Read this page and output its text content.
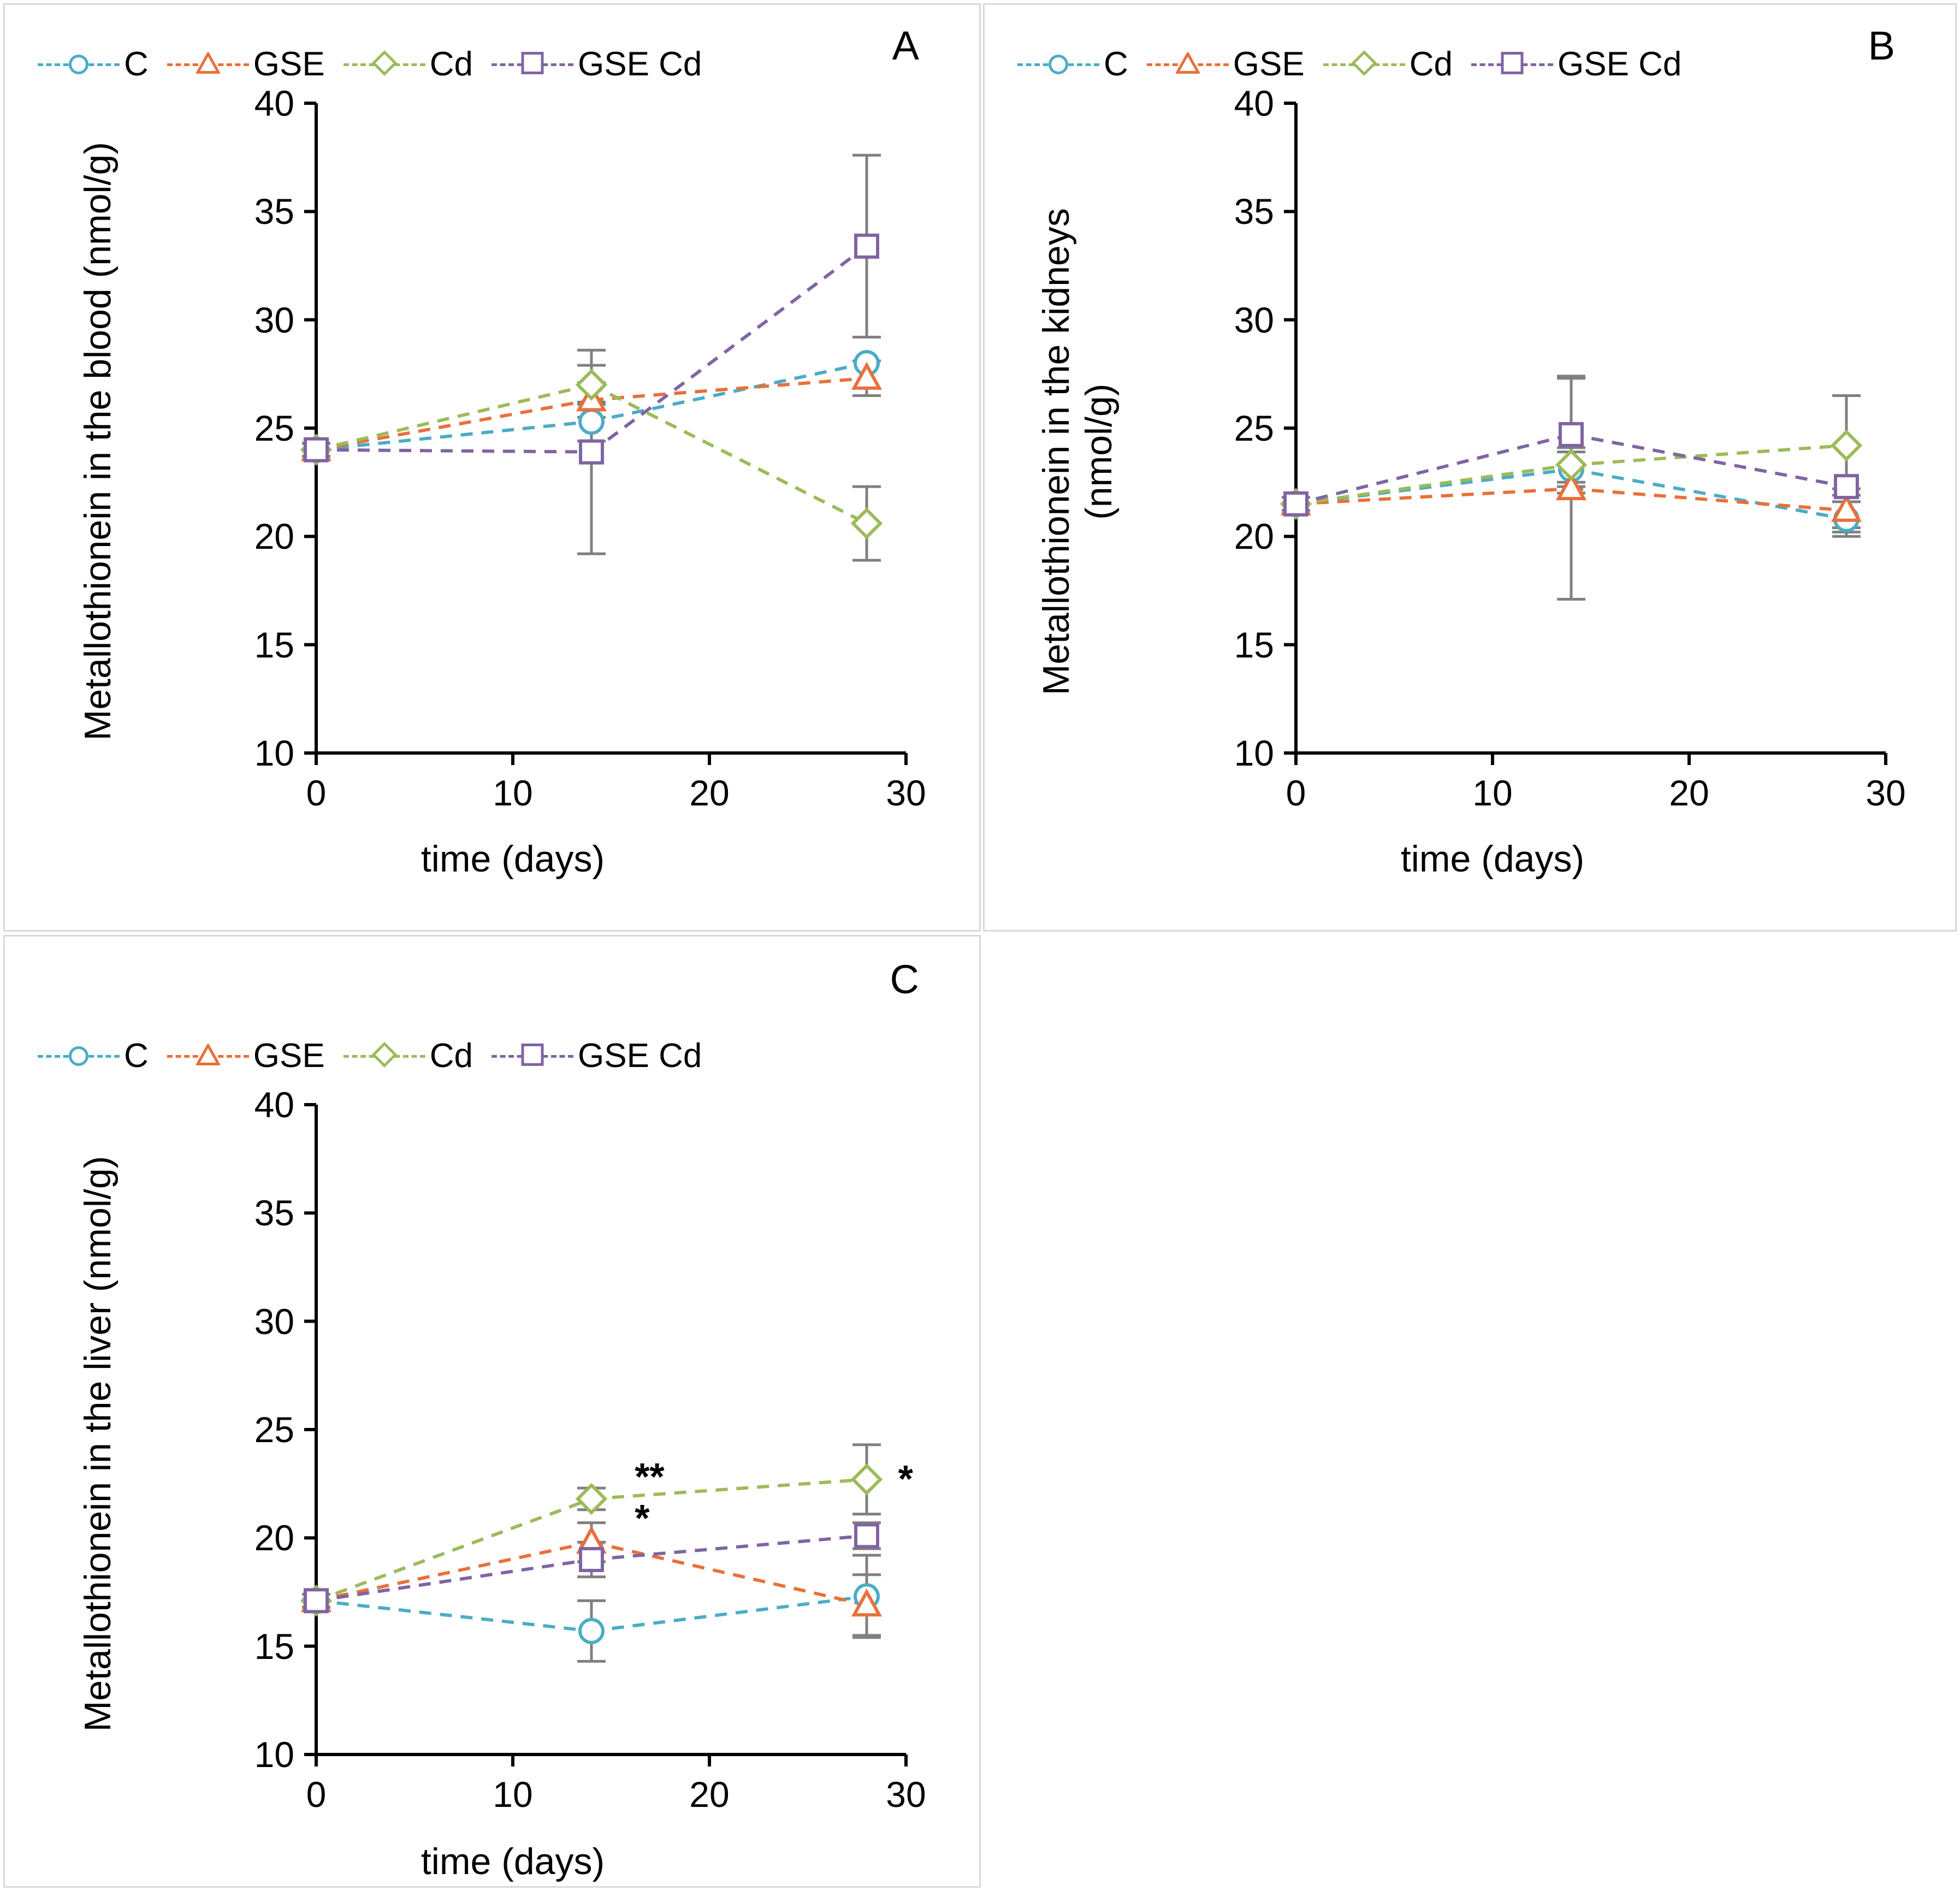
A
C	GSE	Cd	GSE Cd
10
15
20
25
30
35
40
0	10	20	30
Metallothionein in the blood (nmol/g)
time (days)
B
C	GSE	Cd	GSE Cd
10
15
20
25
30
35
40
0	10	20	30
Metallothionein in the kidneys (nmol/g)
time (days)
C
C	GSE	Cd	GSE Cd
10
15
20
25
30
35
40
0	10	20	30
**
*
*
Metallothionein in the liver (nmol/g)
time (days)
